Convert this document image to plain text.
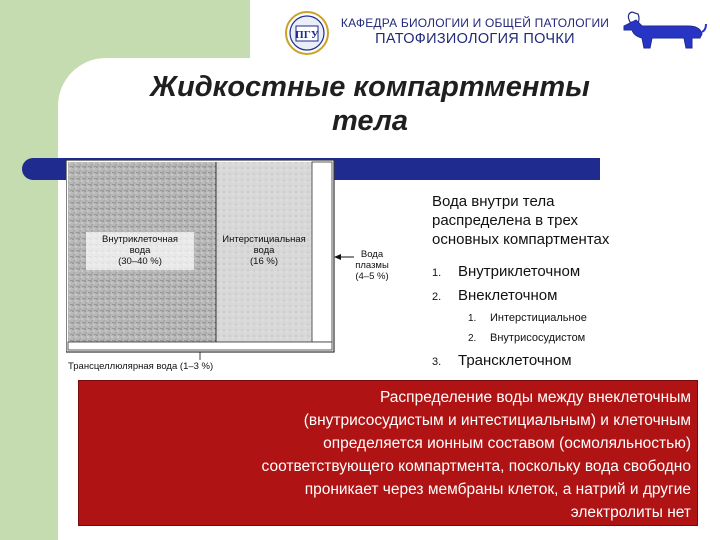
ПГУ
КАФЕДРА БИОЛОГИИ И ОБЩЕЙ ПАТОЛОГИИ
ПАТОФИЗИОЛОГИЯ ПОЧКИ
Жидкостные компартменты
тела
Внутриклеточная
вода
(30–40 %)
Интерстициальная
вода
(16 %)
Вода
плазмы
(4–5 %)
Трансцеллюлярная вода (1–3 %)
Вода внутри тела
распределена в трех
основных компартментах
1. Внутриклеточном
2. Внеклеточном
1. Интерстициальное
2. Внутрисосудистом
3. Трансклеточном
Распределение воды между внеклеточным
(внутрисосудистым и интестициальным) и клеточным
определяется ионным составом (осмоляльностью)
соответствующего компартмента, поскольку вода свободно
проникает через мембраны клеток, а натрий и другие
электролиты нет
